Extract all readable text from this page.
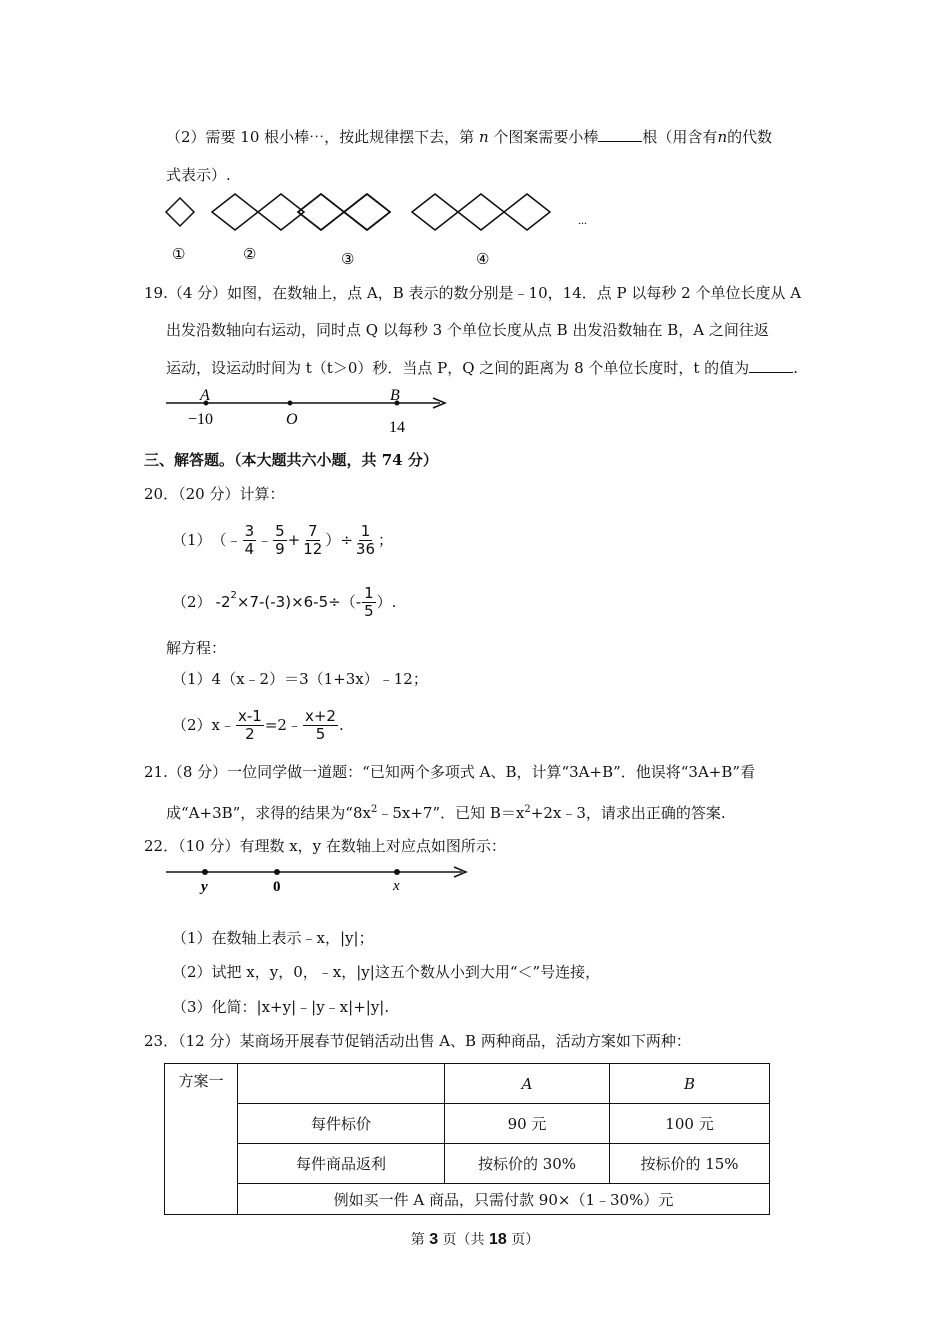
（2）需要 10 根小棒⋯，按此规律摆下去，第 n 个图案需要小棒	根（用含有n的代数
式表示）.
①	②	③	④
...
19.（4 分）如图，在数轴上，点 A，B 表示的数分别是﹣10，14．点 P 以每秒 2 个单位长度从 A
出发沿数轴向右运动，同时点 Q 以每秒 3 个单位长度从点 B 出发沿数轴在 B，A 之间往返
运动，设运动时间为 t（t＞0）秒．当点 P，Q 之间的距离为 8 个单位长度时，t 的值为	.
A	B
O
−10	14
三、解答题。（本大题共六小题，共 74 分）
20．（20 分）计算：
（1） （﹣ $\frac{3}{4}$ ﹣ $\frac{5}{9} + \frac{7}{12}$ ）÷ $\frac{1}{36}$ ；
（2） $-2^2 \times 7-(-3)\times 6-5\div(- \frac{1}{5}$ ）.
解方程：
（1）4（x﹣2）＝3（1+3x）﹣12；
（2）x﹣ $\frac{x-1}{2}$ =2﹣ $\frac{x+2}{5}$ .
21.（8 分）一位同学做一道题：“已知两个多项式 A、B，计算“3A+B”．他误将“3A+B”看
成“A+3B”，求得的结果为“$8x^2﹣5x+7$”．已知 $B=x^2+2x﹣3$，请求出正确的答案.
22．（10 分）有理数 x，y 在数轴上对应点如图所示：
y	0	x
（1）在数轴上表示﹣x，|y|；
（2）试把 x，y，0，﹣x，|y|这五个数从小到大用“＜”号连接，
（3）化简：|x+y|﹣|y﹣x|+|y|.
23．（12 分）某商场开展春节促销活动出售 A、B 两种商品，活动方案如下两种：
方案一		A	B
	每件标价	90 元	100 元
	每件商品返利	按标价的 30%	按标价的 15%
	例如买一件 A 商品，只需付款 90×（1﹣30%）元		
第 3 页（共 18 页）
